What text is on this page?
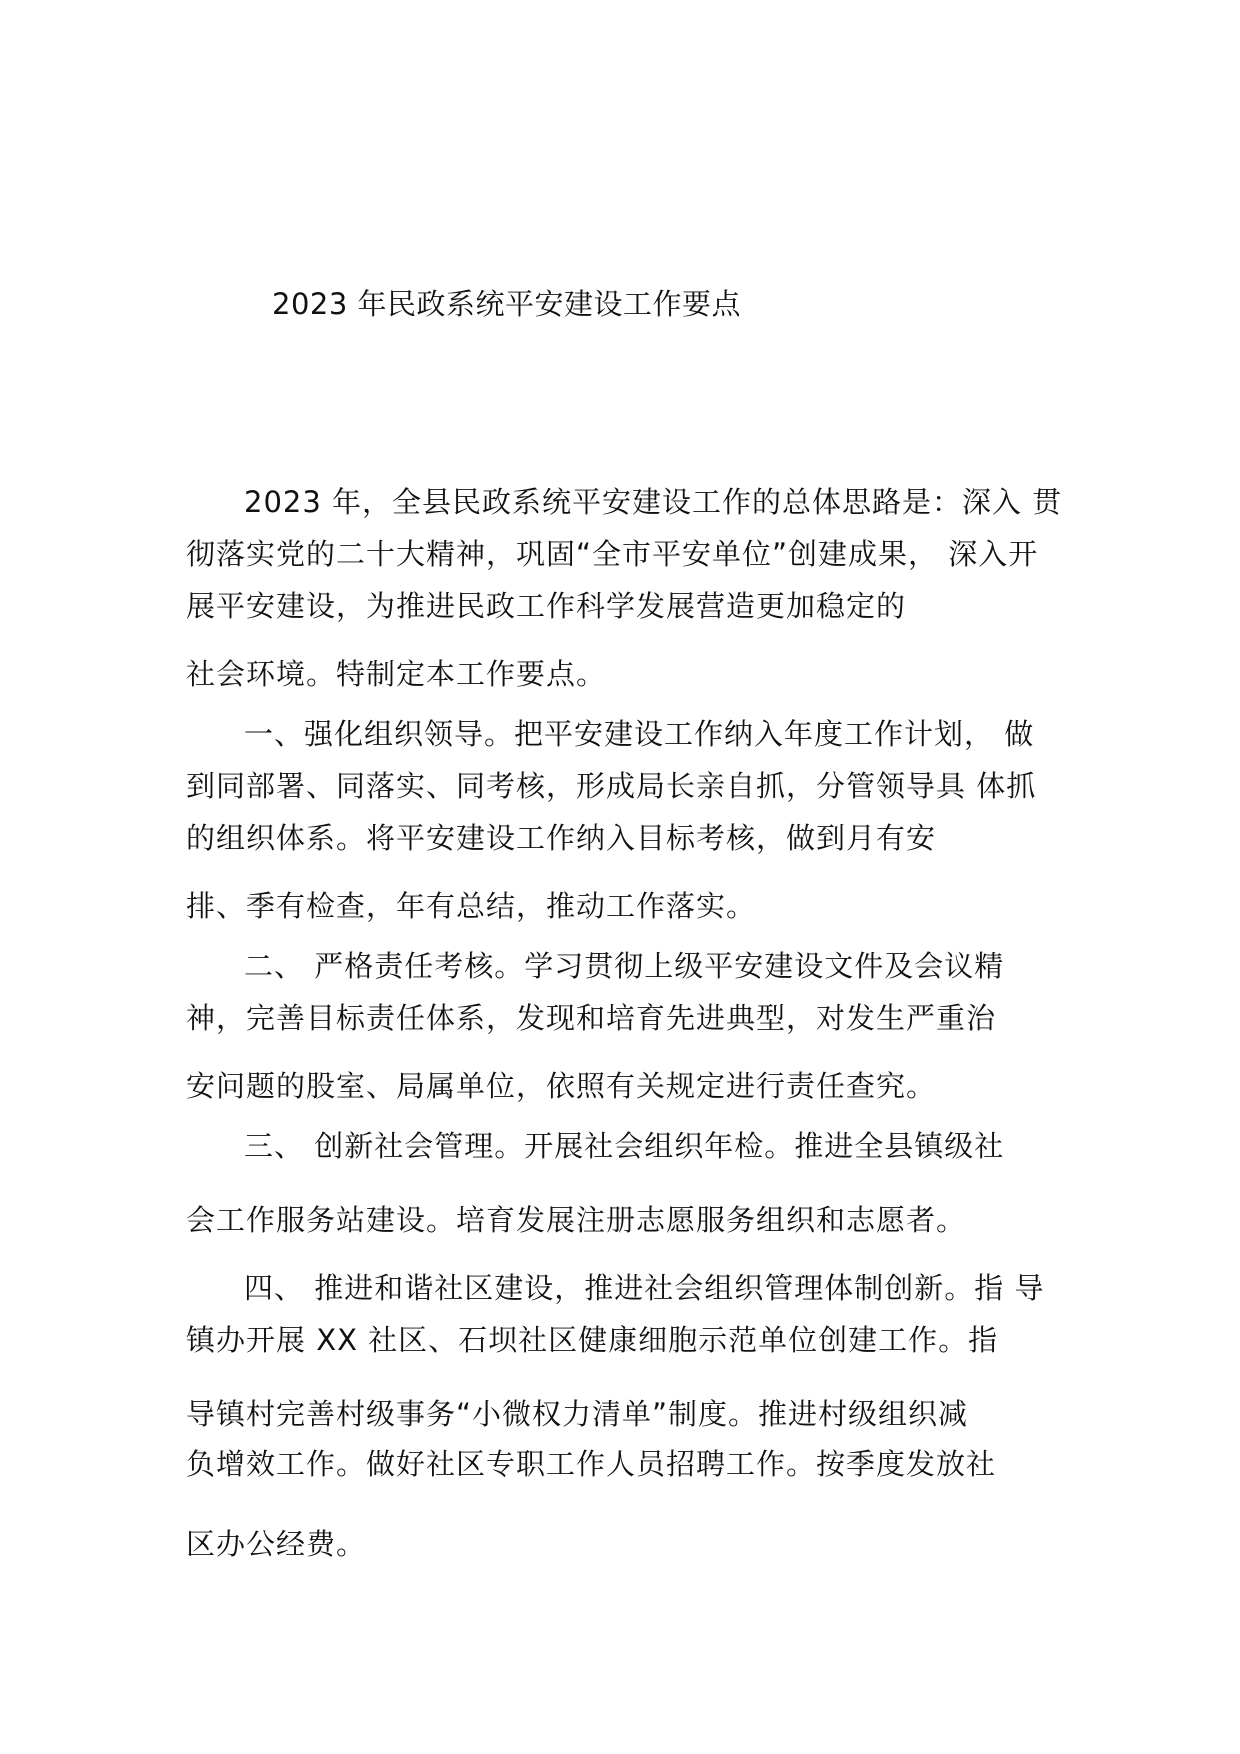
2023 年民政系统平安建设工作要点
2023 年，全县民政系统平安建设工作的总体思路是：深入 贯
彻落实党的二十大精神，巩固“全市平安单位”创建成果， 深入开
展平安建设，为推进民政工作科学发展营造更加稳定的
社会环境。特制定本工作要点。
一、强化组织领导。把平安建设工作纳入年度工作计划， 做
到同部署、同落实、同考核，形成局长亲自抓，分管领导具 体抓
的组织体系。将平安建设工作纳入目标考核，做到月有安
排、季有检查，年有总结，推动工作落实。
二、 严格责任考核。学习贯彻上级平安建设文件及会议精
神，完善目标责任体系，发现和培育先进典型，对发生严重治
安问题的股室、局属单位，依照有关规定进行责任查究。
三、 创新社会管理。开展社会组织年检。推进全县镇级社
会工作服务站建设。培育发展注册志愿服务组织和志愿者。
四、 推进和谐社区建设，推进社会组织管理体制创新。指 导
镇办开展 XX 社区、石坝社区健康细胞示范单位创建工作。指
导镇村完善村级事务“小微权力清单”制度。推进村级组织减
负增效工作。做好社区专职工作人员招聘工作。按季度发放社
区办公经费。
